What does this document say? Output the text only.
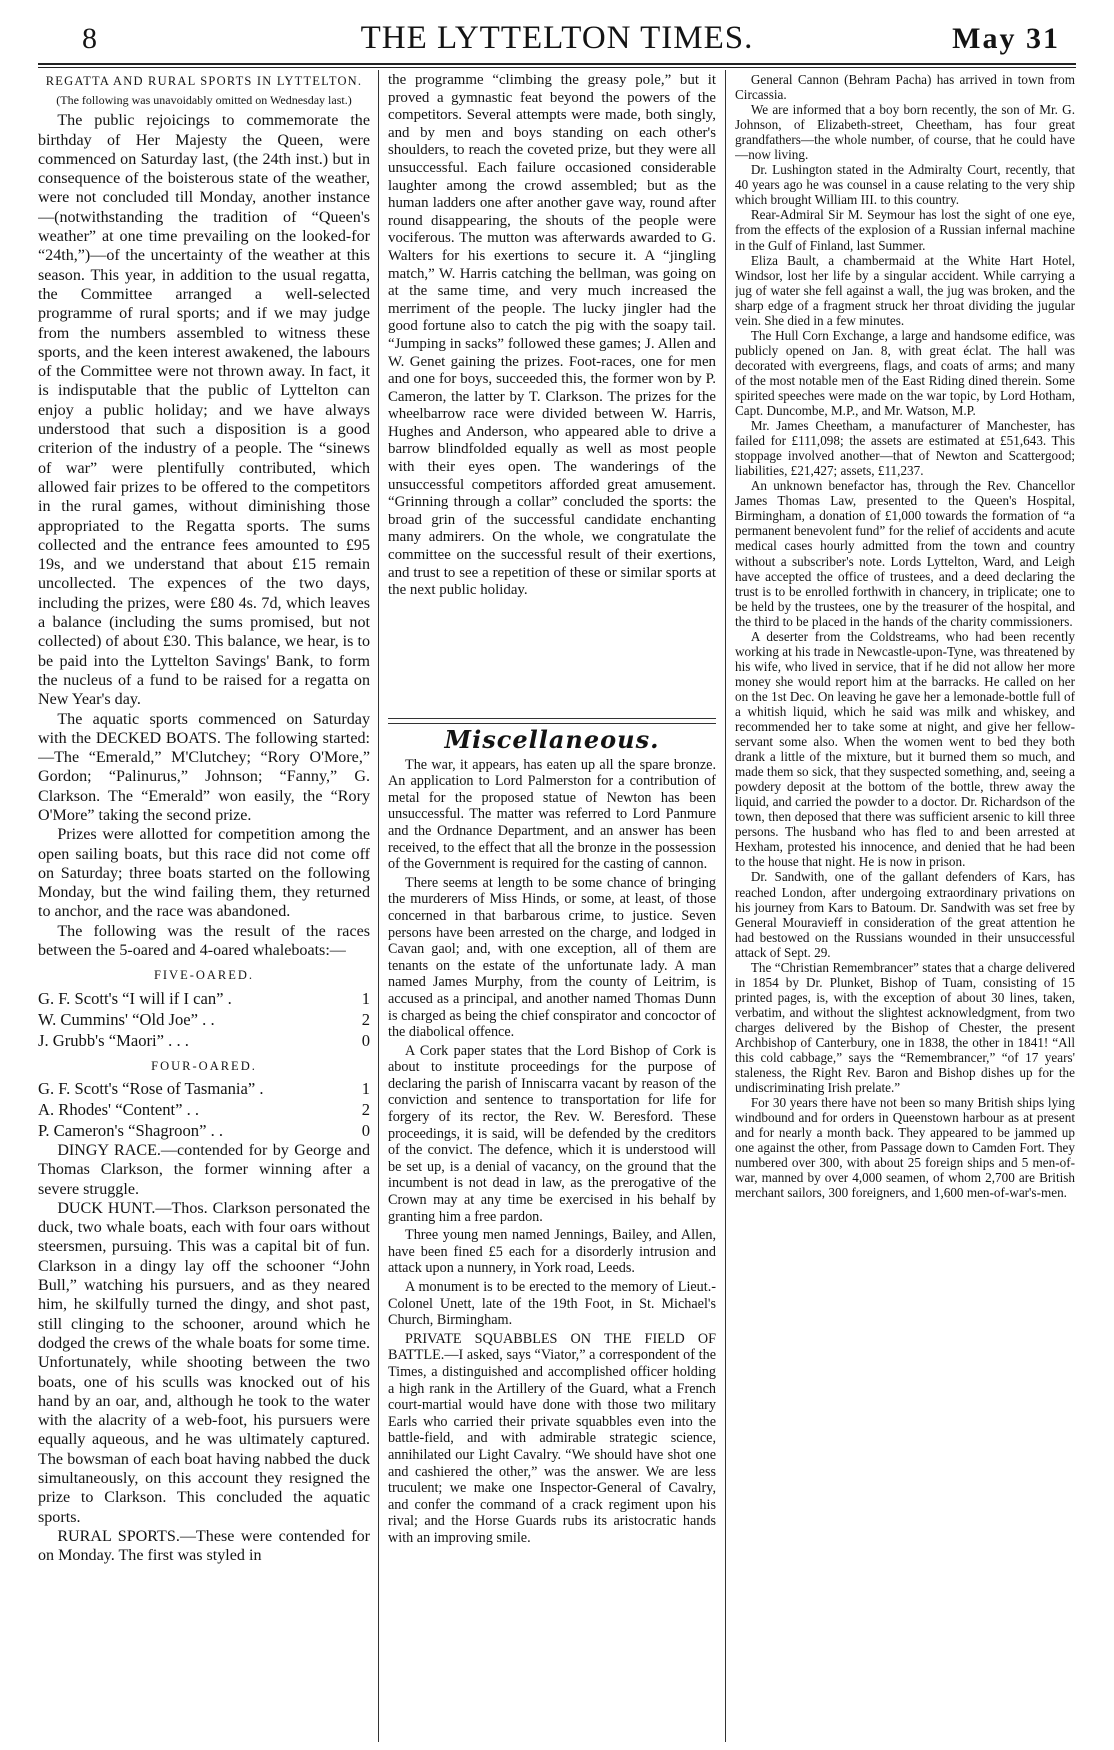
8	THE LYTTELTON TIMES.	May 31
REGATTA AND RURAL SPORTS IN LYTTELTON.
(The following was unavoidably omitted on Wednesday last.)

The public rejoicings to commemorate the birthday of Her Majesty the Queen, were commenced on Saturday last, (the 24th inst.) but in consequence of the boisterous state of the weather, were not concluded till Monday, another instance—(notwithstanding the tradition of “Queen's weather” at one time prevailing on the looked-for “24th,”)—of the uncertainty of the weather at this season. This year, in addition to the usual regatta, the Committee arranged a well-selected programme of rural sports; and if we may judge from the numbers assembled to witness these sports, and the keen interest awakened, the labours of the Committee were not thrown away. In fact, it is indisputable that the public of Lyttelton can enjoy a public holiday; and we have always understood that such a disposition is a good criterion of the industry of a people. The “sinews of war” were plentifully contributed, which allowed fair prizes to be offered to the competitors in the rural games, without diminishing those appropriated to the Regatta sports. The sums collected and the entrance fees amounted to £95 19s, and we understand that about £15 remain uncollected. The expences of the two days, including the prizes, were £80 4s. 7d, which leaves a balance (including the sums promised, but not collected) of about £30. This balance, we hear, is to be paid into the Lyttelton Savings' Bank, to form the nucleus of a fund to be raised for a regatta on New Year's day.

The aquatic sports commenced on Saturday with the DECKED BOATS. The following started:—The “Emerald,” M'Clutchey; “Rory O'More,” Gordon; “Palinurus,” Johnson; “Fanny,” G. Clarkson. The “Emerald” won easily, the “Rory O'More” taking the second prize.

Prizes were allotted for competition among the open sailing boats, but this race did not come off on Saturday; three boats started on the following Monday, but the wind failing them, they returned to anchor, and the race was abandoned.

The following was the result of the races between the 5-oared and 4-oared whaleboats:—

FIVE-OARED.
G. F. Scott's “I will if I can” .	1
W. Cummins' “Old Joe” . .	2
J. Grubb's “Maori” . . .	0
FOUR-OARED.
G. F. Scott's “Rose of Tasmania” .	1
A. Rhodes' “Content” . .	2
P. Cameron's “Shagroon” . .	0

DINGY RACE.—contended for by George and Thomas Clarkson, the former winning after a severe struggle.

DUCK HUNT.—Thos. Clarkson personated the duck, two whale boats, each with four oars without steersmen, pursuing. This was a capital bit of fun. Clarkson in a dingy lay off the schooner “John Bull,” watching his pursuers, and as they neared him, he skilfully turned the dingy, and shot past, still clinging to the schooner, around which he dodged the crews of the whale boats for some time. Unfortunately, while shooting between the two boats, one of his sculls was knocked out of his hand by an oar, and, although he took to the water with the alacrity of a web-foot, his pursuers were equally aqueous, and he was ultimately captured. The bowsman of each boat having nabbed the duck simultaneously, on this account they resigned the prize to Clarkson. This concluded the aquatic sports.

RURAL SPORTS.—These were contended for on Monday. The first was styled in

the programme “climbing the greasy pole,” but it proved a gymnastic feat beyond the powers of the competitors. Several attempts were made, both singly, and by men and boys standing on each other's shoulders, to reach the coveted prize, but they were all unsuccessful. Each failure occasioned considerable laughter among the crowd assembled; but as the human ladders one after another gave way, round after round disappearing, the shouts of the people were vociferous. The mutton was afterwards awarded to G. Walters for his exertions to secure it. A “jingling match,” W. Harris catching the bellman, was going on at the same time, and very much increased the merriment of the people. The lucky jingler had the good fortune also to catch the pig with the soapy tail. “Jumping in sacks” followed these games; J. Allen and W. Genet gaining the prizes. Foot-races, one for men and one for boys, succeeded this, the former won by P. Cameron, the latter by T. Clarkson. The prizes for the wheelbarrow race were divided between W. Harris, Hughes and Anderson, who appeared able to drive a barrow blindfolded equally as well as most people with their eyes open. The wanderings of the unsuccessful competitors afforded great amusement. “Grinning through a collar” concluded the sports: the broad grin of the successful candidate enchanting many admirers. On the whole, we congratulate the committee on the successful result of their exertions, and trust to see a repetition of these or similar sports at the next public holiday.

Miscellaneous.

The war, it appears, has eaten up all the spare bronze. An application to Lord Palmerston for a contribution of metal for the proposed statue of Newton has been unsuccessful. The matter was referred to Lord Panmure and the Ordnance Department, and an answer has been received, to the effect that all the bronze in the possession of the Government is required for the casting of cannon.

There seems at length to be some chance of bringing the murderers of Miss Hinds, or some, at least, of those concerned in that barbarous crime, to justice. Seven persons have been arrested on the charge, and lodged in Cavan gaol; and, with one exception, all of them are tenants on the estate of the unfortunate lady. A man named James Murphy, from the county of Leitrim, is accused as a principal, and another named Thomas Dunn is charged as being the chief conspirator and concoctor of the diabolical offence.

A Cork paper states that the Lord Bishop of Cork is about to institute proceedings for the purpose of declaring the parish of Inniscarra vacant by reason of the conviction and sentence to transportation for life for forgery of its rector, the Rev. W. Beresford. These proceedings, it is said, will be defended by the creditors of the convict. The defence, which it is understood will be set up, is a denial of vacancy, on the ground that the incumbent is not dead in law, as the prerogative of the Crown may at any time be exercised in his behalf by granting him a free pardon.

Three young men named Jennings, Bailey, and Allen, have been fined £5 each for a disorderly intrusion and attack upon a nunnery, in York road, Leeds.

A monument is to be erected to the memory of Lieut.-Colonel Unett, late of the 19th Foot, in St. Michael's Church, Birmingham.

PRIVATE SQUABBLES ON THE FIELD OF BATTLE.—I asked, says “Viator,” a correspondent of the Times, a distinguished and accomplished officer holding a high rank in the Artillery of the Guard, what a French court-martial would have done with those two military Earls who carried their private squabbles even into the battle-field, and with admirable strategic science, annihilated our Light Cavalry. “We should have shot one and cashiered the other,” was the answer. We are less truculent; we make one Inspector-General of Cavalry, and confer the command of a crack regiment upon his rival; and the Horse Guards rubs its aristocratic hands with an improving smile.

General Cannon (Behram Pacha) has arrived in town from Circassia.

We are informed that a boy born recently, the son of Mr. G. Johnson, of Elizabeth-street, Cheetham, has four great grandfathers—the whole number, of course, that he could have—now living.

Dr. Lushington stated in the Admiralty Court, recently, that 40 years ago he was counsel in a cause relating to the very ship which brought William III. to this country.

Rear-Admiral Sir M. Seymour has lost the sight of one eye, from the effects of the explosion of a Russian infernal machine in the Gulf of Finland, last Summer.

Eliza Bault, a chambermaid at the White Hart Hotel, Windsor, lost her life by a singular accident. While carrying a jug of water she fell against a wall, the jug was broken, and the sharp edge of a fragment struck her throat dividing the jugular vein. She died in a few minutes.

The Hull Corn Exchange, a large and handsome edifice, was publicly opened on Jan. 8, with great éclat. The hall was decorated with evergreens, flags, and coats of arms; and many of the most notable men of the East Riding dined therein. Some spirited speeches were made on the war topic, by Lord Hotham, Capt. Duncombe, M.P., and Mr. Watson, M.P.

Mr. James Cheetham, a manufacturer of Manchester, has failed for £111,098; the assets are estimated at £51,643. This stoppage involved another—that of Newton and Scattergood; liabilities, £21,427; assets, £11,237.

An unknown benefactor has, through the Rev. Chancellor James Thomas Law, presented to the Queen's Hospital, Birmingham, a donation of £1,000 towards the formation of “a permanent benevolent fund” for the relief of accidents and acute medical cases hourly admitted from the town and country without a subscriber's note. Lords Lyttelton, Ward, and Leigh have accepted the office of trustees, and a deed declaring the trust is to be enrolled forthwith in chancery, in triplicate; one to be held by the trustees, one by the treasurer of the hospital, and the third to be placed in the hands of the charity commissioners.

A deserter from the Coldstreams, who had been recently working at his trade in Newcastle-upon-Tyne, was threatened by his wife, who lived in service, that if he did not allow her more money she would report him at the barracks. He called on her on the 1st Dec. On leaving he gave her a lemonade-bottle full of a whitish liquid, which he said was milk and whiskey, and recommended her to take some at night, and give her fellow-servant some also. When the women went to bed they both drank a little of the mixture, but it burned them so much, and made them so sick, that they suspected something, and, seeing a powdery deposit at the bottom of the bottle, threw away the liquid, and carried the powder to a doctor. Dr. Richardson of the town, then deposed that there was sufficient arsenic to kill three persons. The husband who has fled to and been arrested at Hexham, protested his innocence, and denied that he had been to the house that night. He is now in prison.

Dr. Sandwith, one of the gallant defenders of Kars, has reached London, after undergoing extraordinary privations on his journey from Kars to Batoum. Dr. Sandwith was set free by General Mouravieff in consideration of the great attention he had bestowed on the Russians wounded in their unsuccessful attack of Sept. 29.

The “Christian Remembrancer” states that a charge delivered in 1854 by Dr. Plunket, Bishop of Tuam, consisting of 15 printed pages, is, with the exception of about 30 lines, taken, verbatim, and without the slightest acknowledgment, from two charges delivered by the Bishop of Chester, the present Archbishop of Canterbury, one in 1838, the other in 1841! “All this cold cabbage,” says the “Remembrancer,” “of 17 years' staleness, the Right Rev. Baron and Bishop dishes up for the undiscriminating Irish prelate.”

For 30 years there have not been so many British ships lying windbound and for orders in Queenstown harbour as at present and for nearly a month back. They appeared to be jammed up one against the other, from Passage down to Camden Fort. They numbered over 300, with about 25 foreign ships and 5 men-of-war, manned by over 4,000 seamen, of whom 2,700 are British merchant sailors, 300 foreigners, and 1,600 men-of-war's-men.
